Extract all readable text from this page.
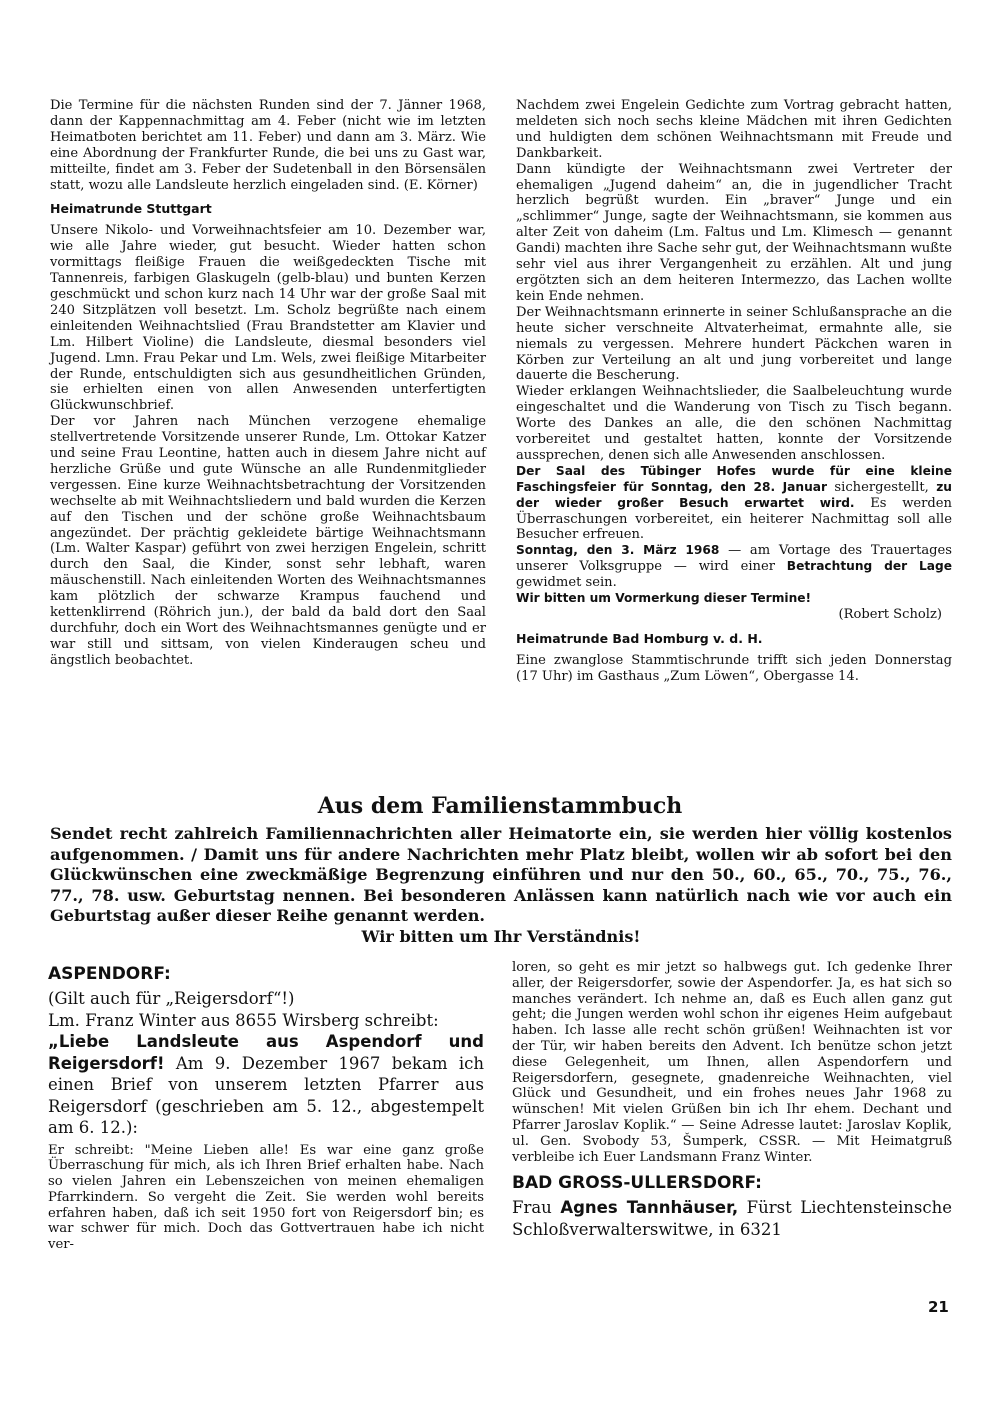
Die Termine für die nächsten Runden sind der 7. Jänner 1968, dann der Kappennachmittag am 4. Feber (nicht wie im letzten Heimatboten berichtet am 11. Feber) und dann am 3. März. Wie eine Abordnung der Frankfurter Runde, die bei uns zu Gast war, mitteilte, findet am 3. Feber der Sudetenball in den Börsensälen statt, wozu alle Landsleute herzlich eingeladen sind. (E. Körner)

Heimatrunde Stuttgart

Unsere Nikolo- und Vorweihnachtsfeier am 10. Dezember war, wie alle Jahre wieder, gut besucht. Wieder hatten schon vormittags fleißige Frauen die weißgedeckten Tische mit Tannenreis, farbigen Glaskugeln (gelb-blau) und bunten Kerzen geschmückt und schon kurz nach 14 Uhr war der große Saal mit 240 Sitzplätzen voll besetzt. Lm. Scholz begrüßte nach einem einleitenden Weihnachtslied (Frau Brandstetter am Klavier und Lm. Hilbert Violine) die Landsleute, diesmal besonders viel Jugend. Lmn. Frau Pekar und Lm. Wels, zwei fleißige Mitarbeiter der Runde, entschuldigten sich aus gesundheitlichen Gründen, sie erhielten einen von allen Anwesenden unterfertigten Glückwunschbrief.

Der vor Jahren nach München verzogene ehemalige stellvertretende Vorsitzende unserer Runde, Lm. Ottokar Katzer und seine Frau Leontine, hatten auch in diesem Jahre nicht auf herzliche Grüße und gute Wünsche an alle Rundenmitglieder vergessen. Eine kurze Weihnachtsbetrachtung der Vorsitzenden wechselte ab mit Weihnachtsliedern und bald wurden die Kerzen auf den Tischen und der schöne große Weihnachtsbaum angezündet. Der prächtig gekleidete bärtige Weihnachtsmann (Lm. Walter Kaspar) geführt von zwei herzigen Engelein, schritt durch den Saal, die Kinder, sonst sehr lebhaft, waren mäuschenstill. Nach einleitenden Worten des Weihnachtsmannes kam plötzlich der schwarze Krampus fauchend und kettenklirrend (Röhrich jun.), der bald da bald dort den Saal durchfuhr, doch ein Wort des Weihnachtsmannes genügte und er war still und sittsam, von vielen Kinderaugen scheu und ängstlich beobachtet.

Nachdem zwei Engelein Gedichte zum Vortrag gebracht hatten, meldeten sich noch sechs kleine Mädchen mit ihren Gedichten und huldigten dem schönen Weihnachtsmann mit Freude und Dankbarkeit.

Dann kündigte der Weihnachtsmann zwei Vertreter der ehemaligen „Jugend daheim“ an, die in jugendlicher Tracht herzlich begrüßt wurden. Ein „braver“ Junge und ein „schlimmer“ Junge, sagte der Weihnachtsmann, sie kommen aus alter Zeit von daheim (Lm. Faltus und Lm. Klimesch — genannt Gandi) machten ihre Sache sehr gut, der Weihnachtsmann wußte sehr viel aus ihrer Vergangenheit zu erzählen. Alt und jung ergötzten sich an dem heiteren Intermezzo, das Lachen wollte kein Ende nehmen.

Der Weihnachtsmann erinnerte in seiner Schlußansprache an die heute sicher verschneite Altvaterheimat, ermahnte alle, sie niemals zu vergessen. Mehrere hundert Päckchen waren in Körben zur Verteilung an alt und jung vorbereitet und lange dauerte die Bescherung.

Wieder erklangen Weihnachtslieder, die Saalbeleuchtung wurde eingeschaltet und die Wanderung von Tisch zu Tisch begann. Worte des Dankes an alle, die den schönen Nachmittag vorbereitet und gestaltet hatten, konnte der Vorsitzende aussprechen, denen sich alle Anwesenden anschlossen.

Der Saal des Tübinger Hofes wurde für eine kleine Faschingsfeier für Sonntag, den 28. Januar sichergestellt, zu der wieder großer Besuch erwartet wird. Es werden Überraschungen vorbereitet, ein heiterer Nachmittag soll alle Besucher erfreuen.

Sonntag, den 3. März 1968 — am Vortage des Trauertages unserer Volksgruppe — wird einer Betrachtung der Lage gewidmet sein.

Wir bitten um Vormerkung dieser Termine!

(Robert Scholz)

Heimatrunde Bad Homburg v. d. H.

Eine zwanglose Stammtischrunde trifft sich jeden Donnerstag (17 Uhr) im Gasthaus „Zum Löwen“, Obergasse 14.

Aus dem Familienstammbuch
Sendet recht zahlreich Familiennachrichten aller Heimatorte ein, sie werden hier völlig kostenlos aufgenommen. / Damit uns für andere Nachrichten mehr Platz bleibt, wollen wir ab sofort bei den Glückwünschen eine zweckmäßige Begrenzung einführen und nur den 50., 60., 65., 70., 75., 76., 77., 78. usw. Geburtstag nennen. Bei besonderen Anlässen kann natürlich nach wie vor auch ein Geburtstag außer dieser Reihe genannt werden.
Wir bitten um Ihr Verständnis!
ASPENDORF:

(Gilt auch für „Reigersdorf“!)

Lm. Franz Winter aus 8655 Wirsberg schreibt:

„Liebe Landsleute aus Aspendorf und Reigersdorf! Am 9. Dezember 1967 bekam ich einen Brief von unserem letzten Pfarrer aus Reigersdorf (geschrieben am 5. 12., abgestempelt am 6. 12.):

Er schreibt: "Meine Lieben alle! Es war eine ganz große Überraschung für mich, als ich Ihren Brief erhalten habe. Nach so vielen Jahren ein Lebenszeichen von meinen ehemaligen Pfarrkindern. So vergeht die Zeit. Sie werden wohl bereits erfahren haben, daß ich seit 1950 fort von Reigersdorf bin; es war schwer für mich. Doch das Gottvertrauen habe ich nicht ver-

loren, so geht es mir jetzt so halbwegs gut. Ich gedenke Ihrer aller, der Reigersdorfer, sowie der Aspendorfer. Ja, es hat sich so manches verändert. Ich nehme an, daß es Euch allen ganz gut geht; die Jungen werden wohl schon ihr eigenes Heim aufgebaut haben. Ich lasse alle recht schön grüßen! Weihnachten ist vor der Tür, wir haben bereits den Advent. Ich benütze schon jetzt diese Gelegenheit, um Ihnen, allen Aspendorfern und Reigersdorfern, gesegnete, gnadenreiche Weihnachten, viel Glück und Gesundheit, und ein frohes neues Jahr 1968 zu wünschen! Mit vielen Grüßen bin ich Ihr ehem. Dechant und Pfarrer Jaroslav Koplik.“ — Seine Adresse lautet: Jaroslav Koplik, ul. Gen. Svobody 53, Šumperk, CSSR. — Mit Heimatgruß verbleibe ich Euer Landsmann Franz Winter.

BAD GROSS-ULLERSDORF:

Frau Agnes Tannhäuser, Fürst Liechtensteinsche Schloßverwalterswitwe, in 6321

21
